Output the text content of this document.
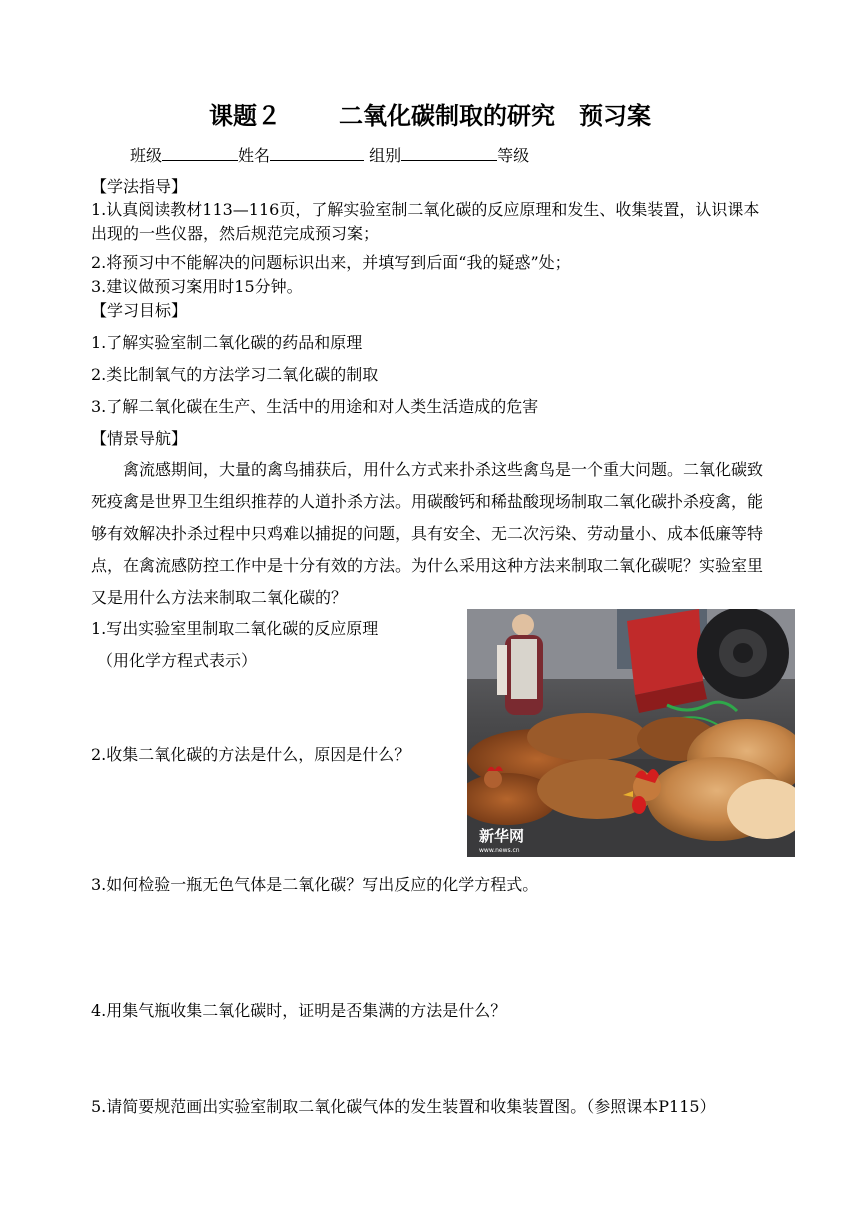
课题２ 二氧化碳制取的研究 预习案
班级	姓名	组别	等级
【学法指导】
1.认真阅读教材113—116页，了解实验室制二氧化碳的反应原理和发生、收集装置，认识课本出现的一些仪器，然后规范完成预习案；
2.将预习中不能解决的问题标识出来，并填写到后面“我的疑惑”处；
3.建议做预习案用时15分钟。
【学习目标】
1.了解实验室制二氧化碳的药品和原理
2.类比制氧气的方法学习二氧化碳的制取
3.了解二氧化碳在生产、生活中的用途和对人类生活造成的危害
【情景导航】
禽流感期间，大量的禽鸟捕获后，用什么方式来扑杀这些禽鸟是一个重大问题。二氧化碳致死疫禽是世界卫生组织推荐的人道扑杀方法。用碳酸钙和稀盐酸现场制取二氧化碳扑杀疫禽，能够有效解决扑杀过程中只鸡难以捕捉的问题，具有安全、无二次污染、劳动量小、成本低廉等特点，在禽流感防控工作中是十分有效的方法。为什么采用这种方法来制取二氧化碳呢？实验室里又是用什么方法来制取二氧化碳的？
1.写出实验室里制取二氧化碳的反应原理
（用化学方程式表示）
2.收集二氧化碳的方法是什么，原因是什么？
3.如何检验一瓶无色气体是二氧化碳？写出反应的化学方程式。
4.用集气瓶收集二氧化碳时，证明是否集满的方法是什么？
5.请简要规范画出实验室制取二氧化碳气体的发生装置和收集装置图。（参照课本P115）
新华网
www.news.cn
